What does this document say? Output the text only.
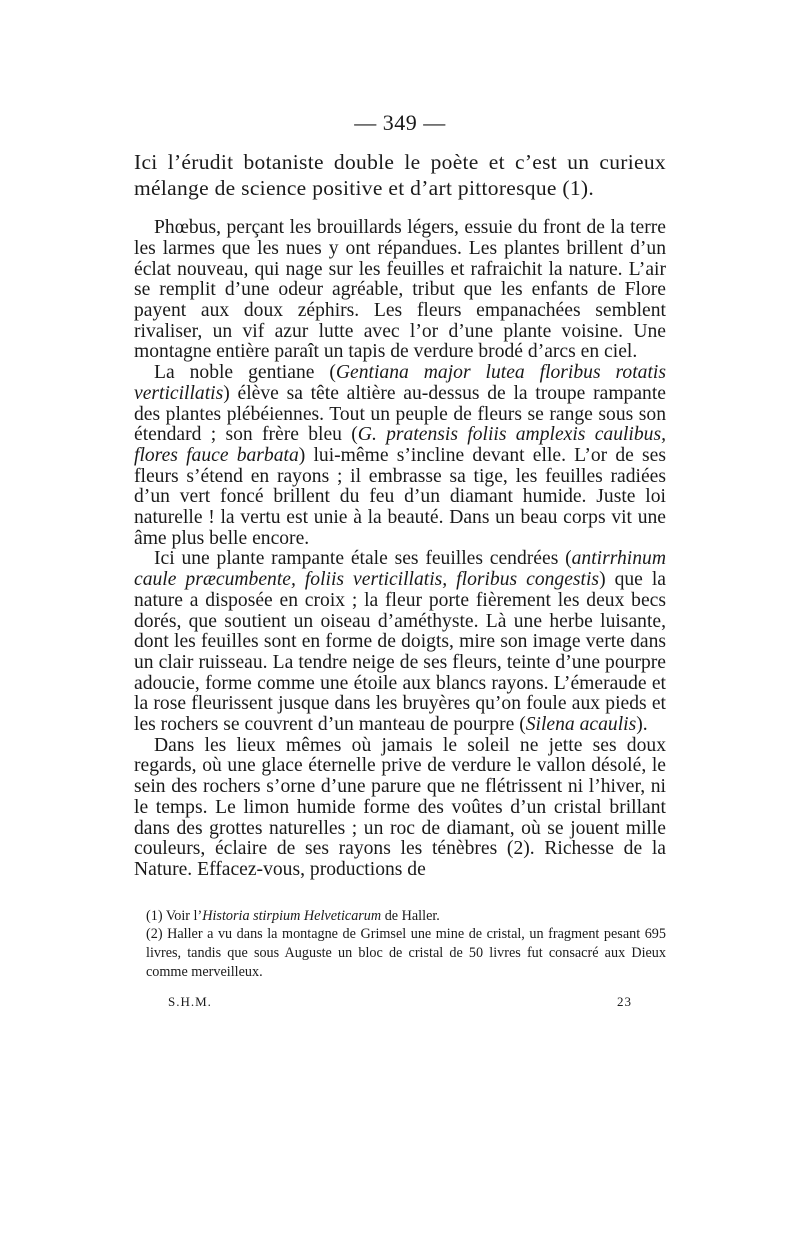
— 349 —

Ici l’érudit botaniste double le poète et c’est un curieux mélange de science positive et d’art pittoresque (1).

Phœbus, perçant les brouillards légers, essuie du front de la terre les larmes que les nues y ont répandues. Les plantes brillent d’un éclat nouveau, qui nage sur les feuilles et rafraichit la nature. L’air se remplit d’une odeur agréable, tribut que les enfants de Flore payent aux doux zéphirs. Les fleurs empanachées semblent rivaliser, un vif azur lutte avec l’or d’une plante voisine. Une montagne entière paraît un tapis de verdure brodé d’arcs en ciel.

La noble gentiane (Gentiana major lutea floribus rotatis verticillatis) élève sa tête altière au-dessus de la troupe rampante des plantes plébéiennes. Tout un peuple de fleurs se range sous son étendard ; son frère bleu (G. pratensis foliis amplexis caulibus, flores fauce barbata) lui-même s’incline devant elle. L’or de ses fleurs s’étend en rayons ; il embrasse sa tige, les feuilles radiées d’un vert foncé brillent du feu d’un diamant humide. Juste loi naturelle ! la vertu est unie à la beauté. Dans un beau corps vit une âme plus belle encore.

Ici une plante rampante étale ses feuilles cendrées (antirrhinum caule præcumbente, foliis verticillatis, floribus congestis) que la nature a disposée en croix ; la fleur porte fièrement les deux becs dorés, que soutient un oiseau d’améthyste. Là une herbe luisante, dont les feuilles sont en forme de doigts, mire son image verte dans un clair ruisseau. La tendre neige de ses fleurs, teinte d’une pourpre adoucie, forme comme une étoile aux blancs rayons. L’émeraude et la rose fleurissent jusque dans les bruyères qu’on foule aux pieds et les rochers se couvrent d’un manteau de pourpre (Silena acaulis).

Dans les lieux mêmes où jamais le soleil ne jette ses doux regards, où une glace éternelle prive de verdure le vallon désolé, le sein des rochers s’orne d’une parure que ne flétrissent ni l’hiver, ni le temps. Le limon humide forme des voûtes d’un cristal brillant dans des grottes naturelles ; un roc de diamant, où se jouent mille couleurs, éclaire de ses rayons les ténèbres (2). Richesse de la Nature. Effacez-vous, productions de

(1) Voir l’Historia stirpium Helveticarum de Haller.

(2) Haller a vu dans la montagne de Grimsel une mine de cristal, un fragment pesant 695 livres, tandis que sous Auguste un bloc de cristal de 50 livres fut consacré aux Dieux comme merveilleux.

S.H.M.	23
